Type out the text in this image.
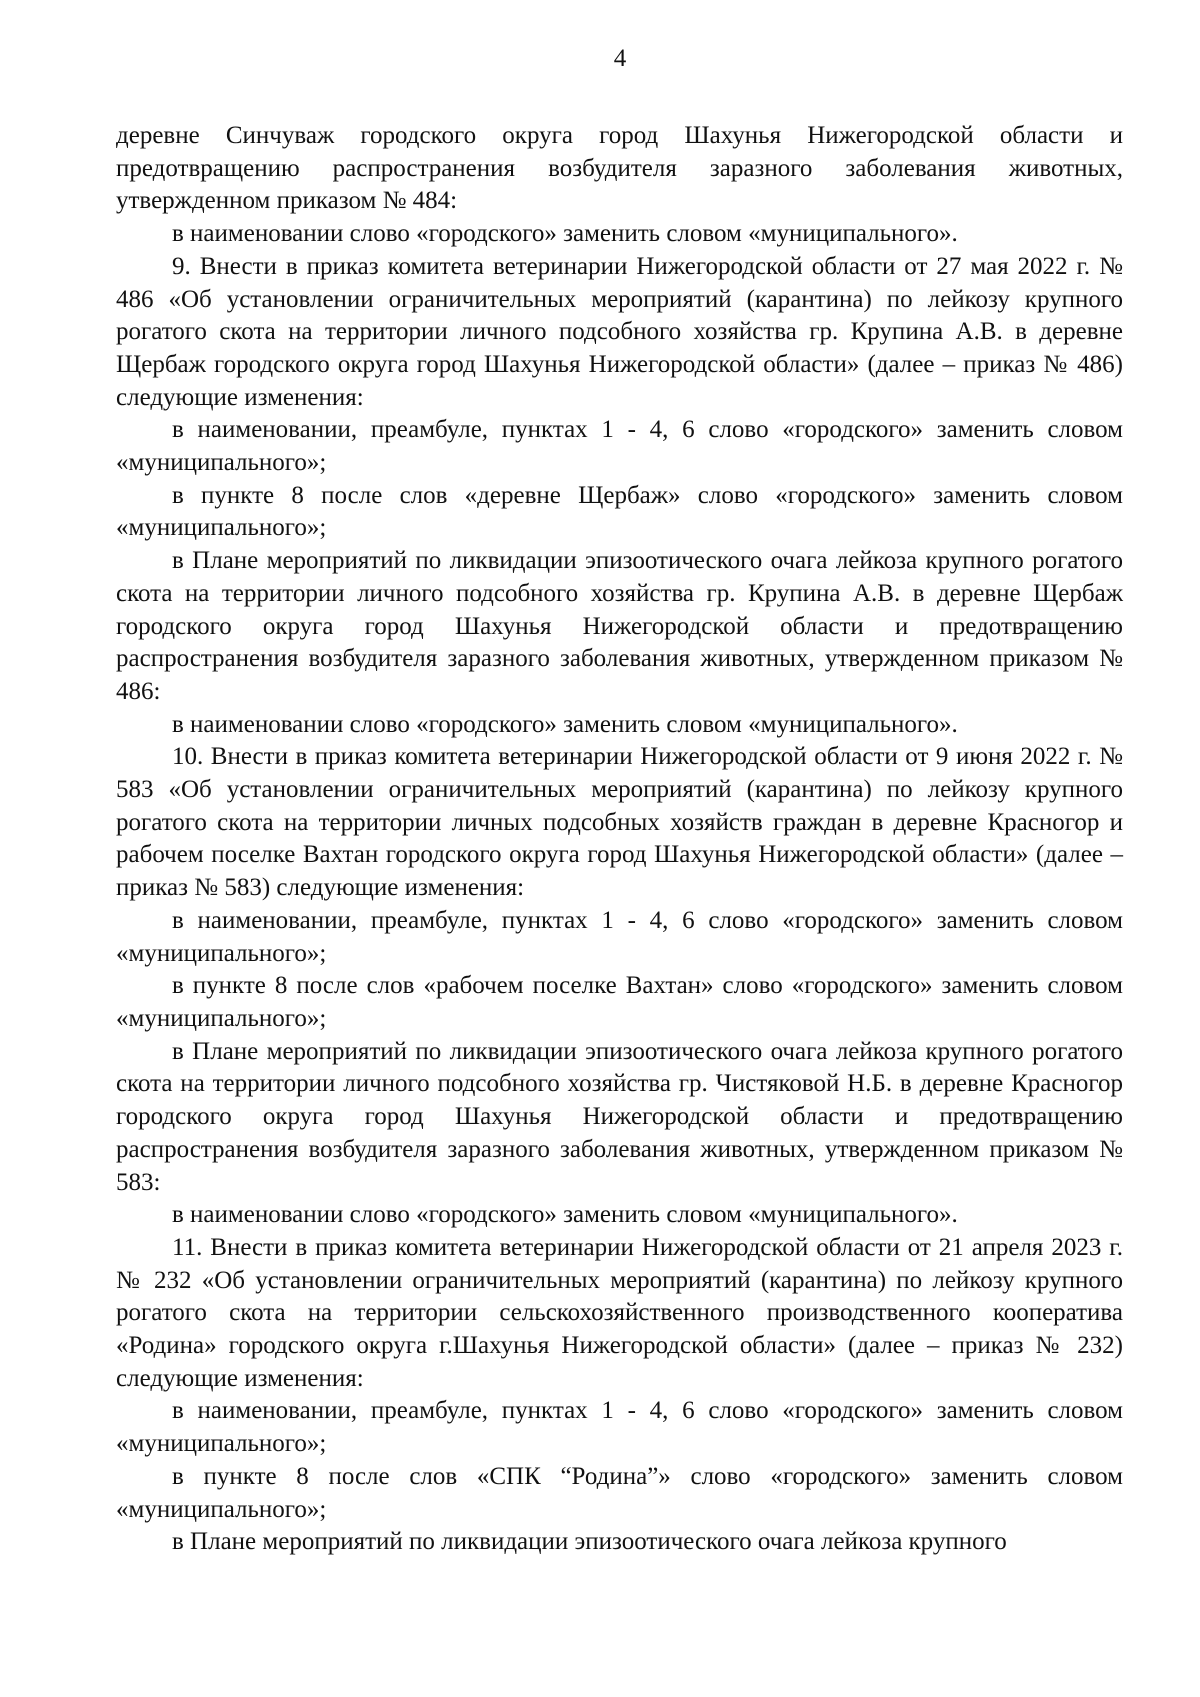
4

деревне Синчуваж городского округа город Шахунья Нижегородской области и предотвращению распространения возбудителя заразного заболевания животных, утвержденном приказом № 484:

в наименовании слово «городского» заменить словом «муниципального».

9. Внести в приказ комитета ветеринарии Нижегородской области от 27 мая 2022 г. № 486 «Об установлении ограничительных мероприятий (карантина) по лейкозу крупного рогатого скота на территории личного подсобного хозяйства гр. Крупина А.В. в деревне Щербаж городского округа город Шахунья Нижегородской области» (далее – приказ № 486) следующие изменения:

в наименовании, преамбуле, пунктах 1 - 4, 6 слово «городского» заменить словом «муниципального»;

в пункте 8 после слов «деревне Щербаж» слово «городского» заменить словом «муниципального»;

в Плане мероприятий по ликвидации эпизоотического очага лейкоза крупного рогатого скота на территории личного подсобного хозяйства гр. Крупина А.В. в деревне Щербаж городского округа город Шахунья Нижегородской области и предотвращению распространения возбудителя заразного заболевания животных, утвержденном приказом № 486:

в наименовании слово «городского» заменить словом «муниципального».

10. Внести в приказ комитета ветеринарии Нижегородской области от 9 июня 2022 г. № 583 «Об установлении ограничительных мероприятий (карантина) по лейкозу крупного рогатого скота на территории личных подсобных хозяйств граждан в деревне Красногор и рабочем поселке Вахтан городского округа город Шахунья Нижегородской области» (далее – приказ № 583) следующие изменения:

в наименовании, преамбуле, пунктах 1 - 4, 6 слово «городского» заменить словом «муниципального»;

в пункте 8 после слов «рабочем поселке Вахтан» слово «городского» заменить словом «муниципального»;

в Плане мероприятий по ликвидации эпизоотического очага лейкоза крупного рогатого скота на территории личного подсобного хозяйства гр. Чистяковой Н.Б. в деревне Красногор городского округа город Шахунья Нижегородской области и предотвращению распространения возбудителя заразного заболевания животных, утвержденном приказом № 583:

в наименовании слово «городского» заменить словом «муниципального».

11. Внести в приказ комитета ветеринарии Нижегородской области от 21 апреля 2023 г. № 232 «Об установлении ограничительных мероприятий (карантина) по лейкозу крупного рогатого скота на территории сельскохозяйственного производственного кооператива «Родина» городского округа г.Шахунья Нижегородской области» (далее – приказ № 232) следующие изменения:

в наименовании, преамбуле, пунктах 1 - 4, 6 слово «городского» заменить словом «муниципального»;

в пункте 8 после слов «СПК “Родина”» слово «городского» заменить словом «муниципального»;

в Плане мероприятий по ликвидации эпизоотического очага лейкоза крупного
